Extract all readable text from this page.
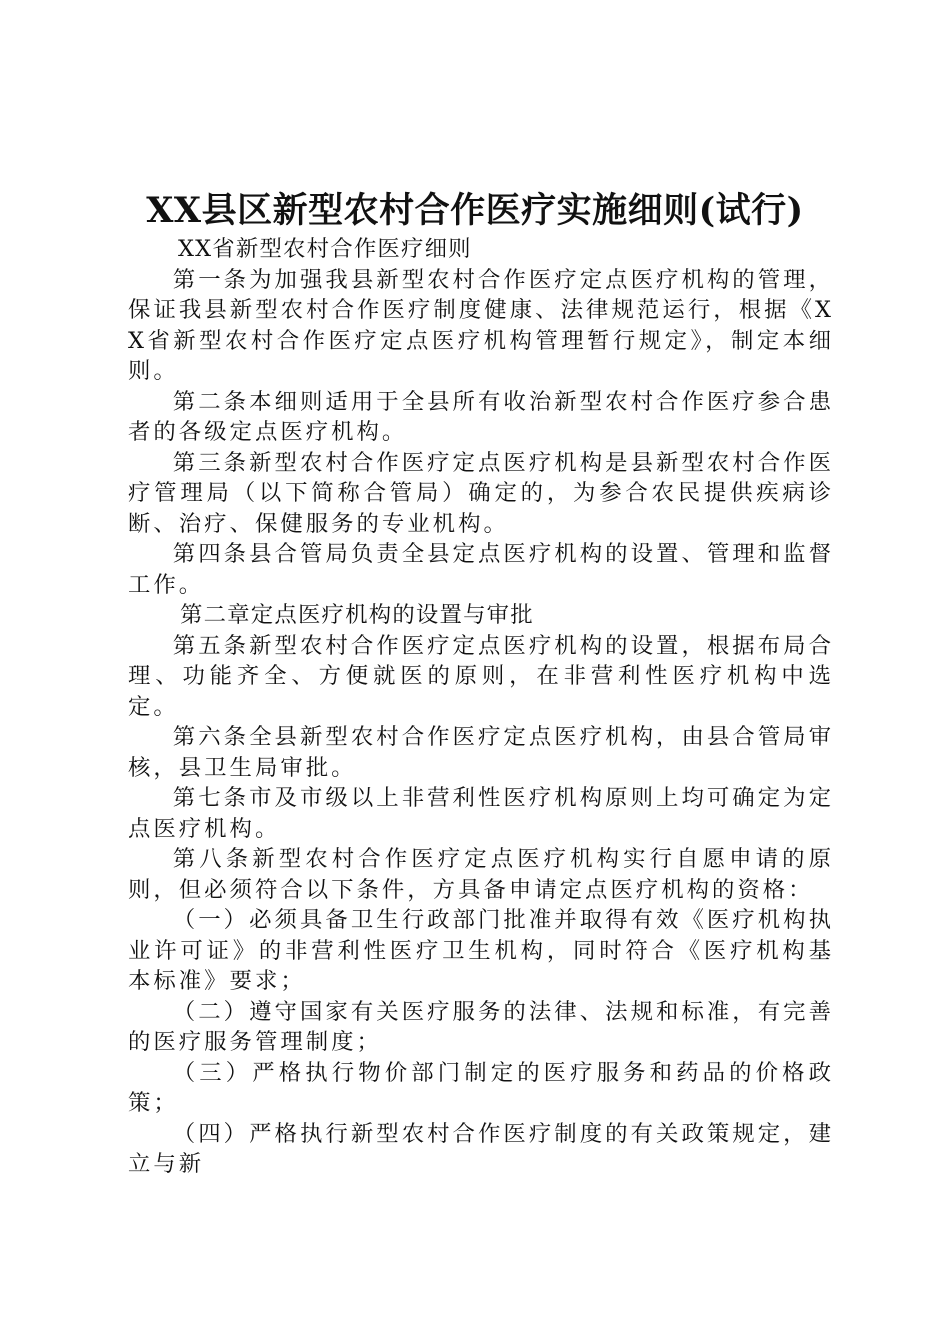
XX县区新型农村合作医疗实施细则(试行)

XX省新型农村合作医疗细则

第一条为加强我县新型农村合作医疗定点医疗机构的管理，保证我县新型农村合作医疗制度健康、法律规范运行，根据《XX省新型农村合作医疗定点医疗机构管理暂行规定》，制定本细则。

第二条本细则适用于全县所有收治新型农村合作医疗参合患者的各级定点医疗机构。

第三条新型农村合作医疗定点医疗机构是县新型农村合作医疗管理局（以下简称合管局）确定的，为参合农民提供疾病诊断、治疗、保健服务的专业机构。

第四条县合管局负责全县定点医疗机构的设置、管理和监督工作。

第二章定点医疗机构的设置与审批

第五条新型农村合作医疗定点医疗机构的设置，根据布局合理、功能齐全、方便就医的原则，在非营利性医疗机构中选定。

第六条全县新型农村合作医疗定点医疗机构，由县合管局审核，县卫生局审批。

第七条市及市级以上非营利性医疗机构原则上均可确定为定点医疗机构。

第八条新型农村合作医疗定点医疗机构实行自愿申请的原则，但必须符合以下条件，方具备申请定点医疗机构的资格：

（一）必须具备卫生行政部门批准并取得有效《医疗机构执业许可证》的非营利性医疗卫生机构，同时符合《医疗机构基本标准》要求；

（二）遵守国家有关医疗服务的法律、法规和标准，有完善的医疗服务管理制度；

（三）严格执行物价部门制定的医疗服务和药品的价格政策；

（四）严格执行新型农村合作医疗制度的有关政策规定，建立与新
